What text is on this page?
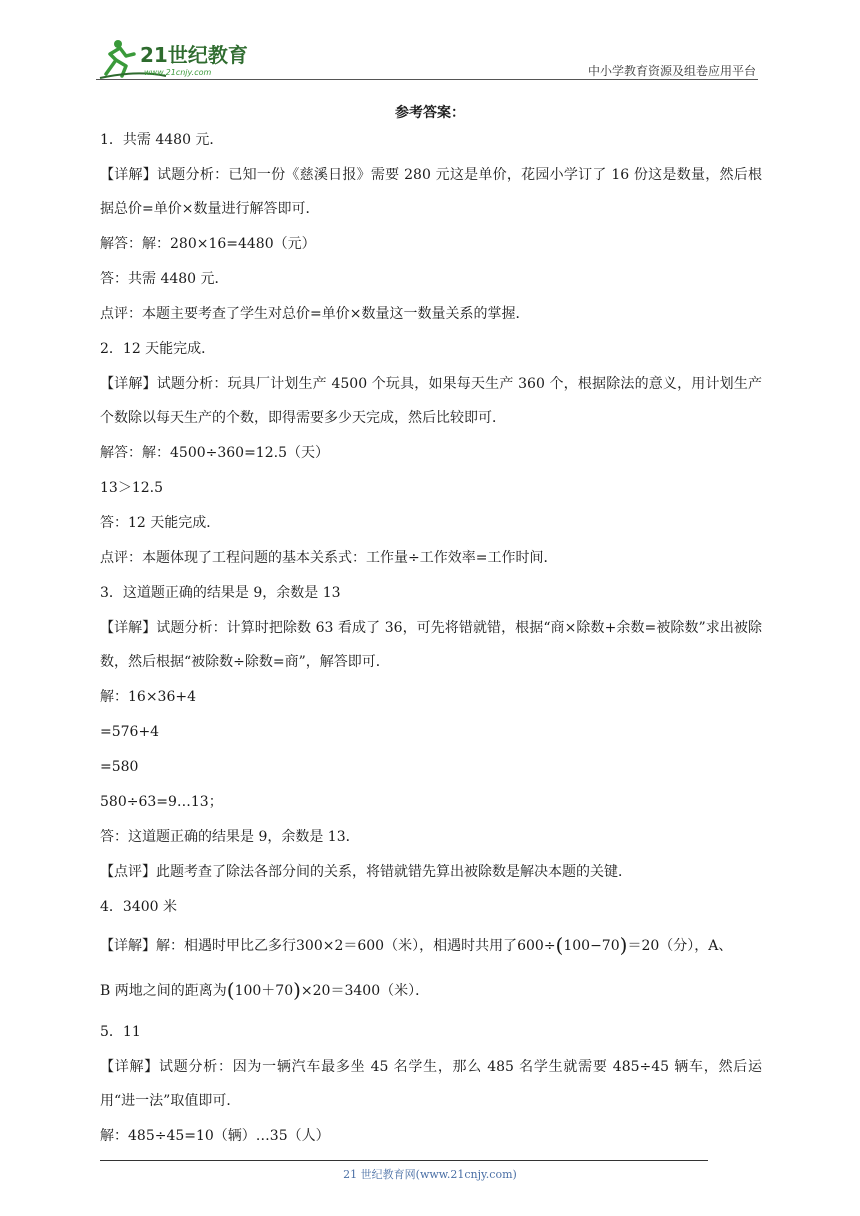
21世纪教育
www.21cnjy.com	中小学教育资源及组卷应用平台
参考答案：

1．共需 4480 元．

【详解】试题分析：已知一份《慈溪日报》需要 280 元这是单价，花园小学订了 16 份这是数量，然后根据总价=单价×数量进行解答即可．

解答：解：280×16=4480（元）

答：共需 4480 元．

点评：本题主要考查了学生对总价=单价×数量这一数量关系的掌握．

2．12 天能完成．

【详解】试题分析：玩具厂计划生产 4500 个玩具，如果每天生产 360 个，根据除法的意义，用计划生产个数除以每天生产的个数，即得需要多少天完成，然后比较即可．

解答：解：4500÷360=12.5（天）

13＞12.5

答：12 天能完成．

点评：本题体现了工程问题的基本关系式：工作量÷工作效率=工作时间．

3．这道题正确的结果是 9，余数是 13

【详解】试题分析：计算时把除数 63 看成了 36，可先将错就错，根据“商×除数+余数=被除数”求出被除数，然后根据“被除数÷除数=商”，解答即可．

解：16×36+4

=576+4

=580

580÷63=9…13；

答：这道题正确的结果是 9，余数是 13．

【点评】此题考查了除法各部分间的关系，将错就错先算出被除数是解决本题的关键．

4．3400 米

【详解】解：相遇时甲比乙多行300×2＝600（米），相遇时共用了600÷(100−70)＝20（分），A、

B 两地之间的距离为(100＋70)×20＝3400（米）．

5．11

【详解】试题分析：因为一辆汽车最多坐 45 名学生，那么 485 名学生就需要 485÷45 辆车，然后运用“进一法”取值即可．

解：485÷45=10（辆）…35（人）

21 世纪教育网(www.21cnjy.com)
